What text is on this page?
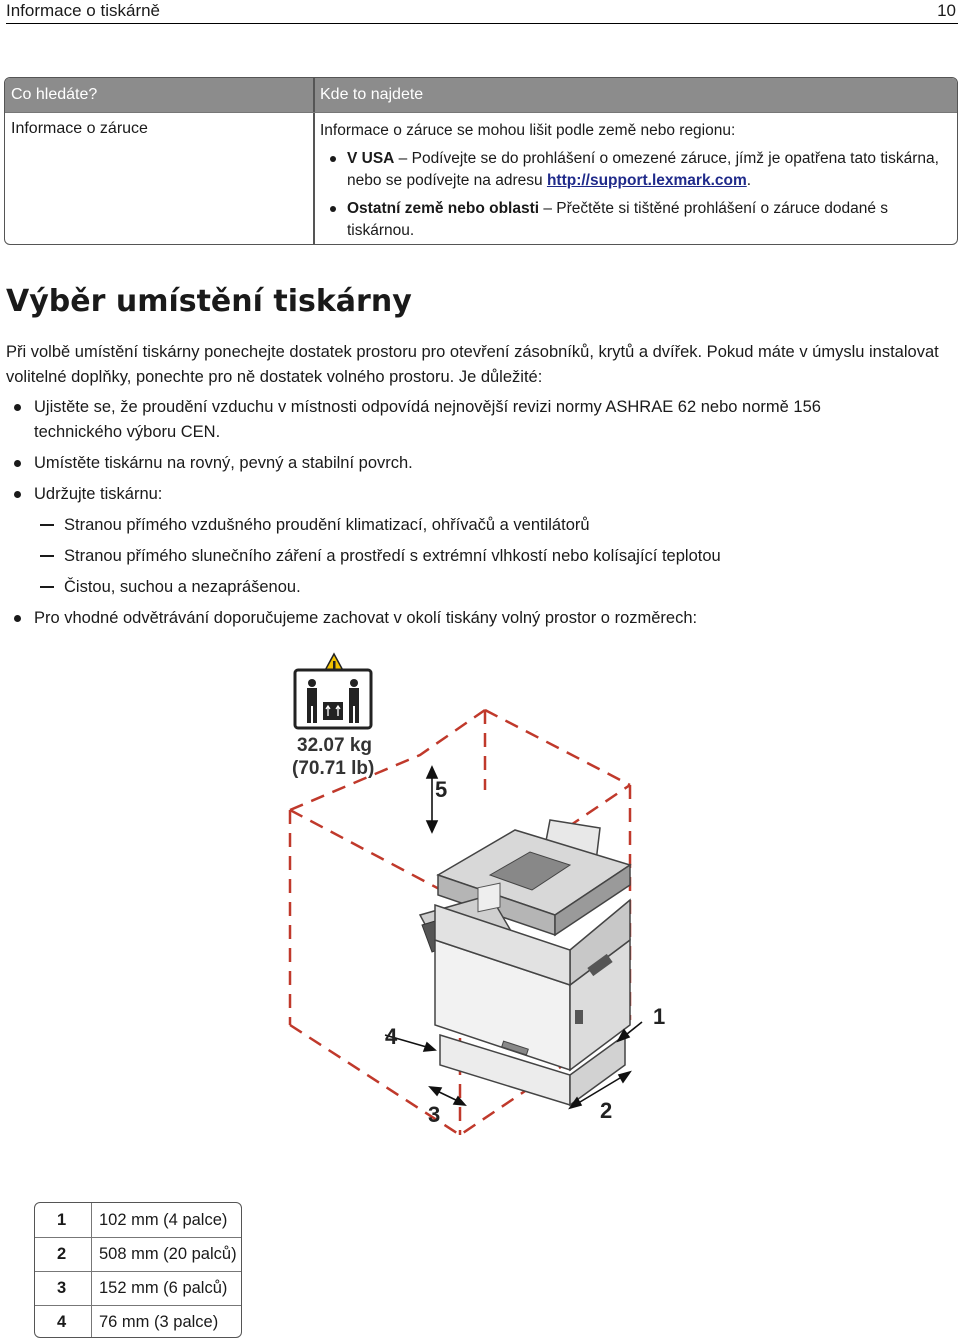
Informace o tiskárně	10
Co hledáte?	Kde to najdete
Informace o záruce	Informace o záruce se mohou lišit podle země nebo regionu:

V USA – Podívejte se do prohlášení o omezené záruce, jímž je opatřena tato tiskárna, nebo se podívejte na adresu http://support.lexmark.com.
Ostatní země nebo oblasti – Přečtěte si tištěné prohlášení o záruce dodané s tiskárnou.
Výběr umístění tiskárny
Při volbě umístění tiskárny ponechejte dostatek prostoru pro otevření zásobníků, krytů a dvířek. Pokud máte v úmyslu instalovat volitelné doplňky, ponechte pro ně dostatek volného prostoru. Je důležité:
Ujistěte se, že proudění vzduchu v místnosti odpovídá nejnovější revizi normy ASHRAE 62 nebo normě 156
technického výboru CEN.
Umístěte tiskárnu na rovný, pevný a stabilní povrch.
Udržujte tiskárnu:
Stranou přímého vzdušného proudění klimatizací, ohřívačů a ventilátorů
Stranou přímého slunečního záření a prostředí s extrémní vlhkostí nebo kolísající teplotou
Čistou, suchou a nezaprášenou.
Pro vhodné odvětrávání doporučujeme zachovat v okolí tiskány volný prostor o rozměrech:
32.07 kg
(70.71 lb)
5
1
2
3
4
1 102 mm (4 palce)
2 508 mm (20 palců)
3 152 mm (6 palců)
4 76 mm (3 palce)
